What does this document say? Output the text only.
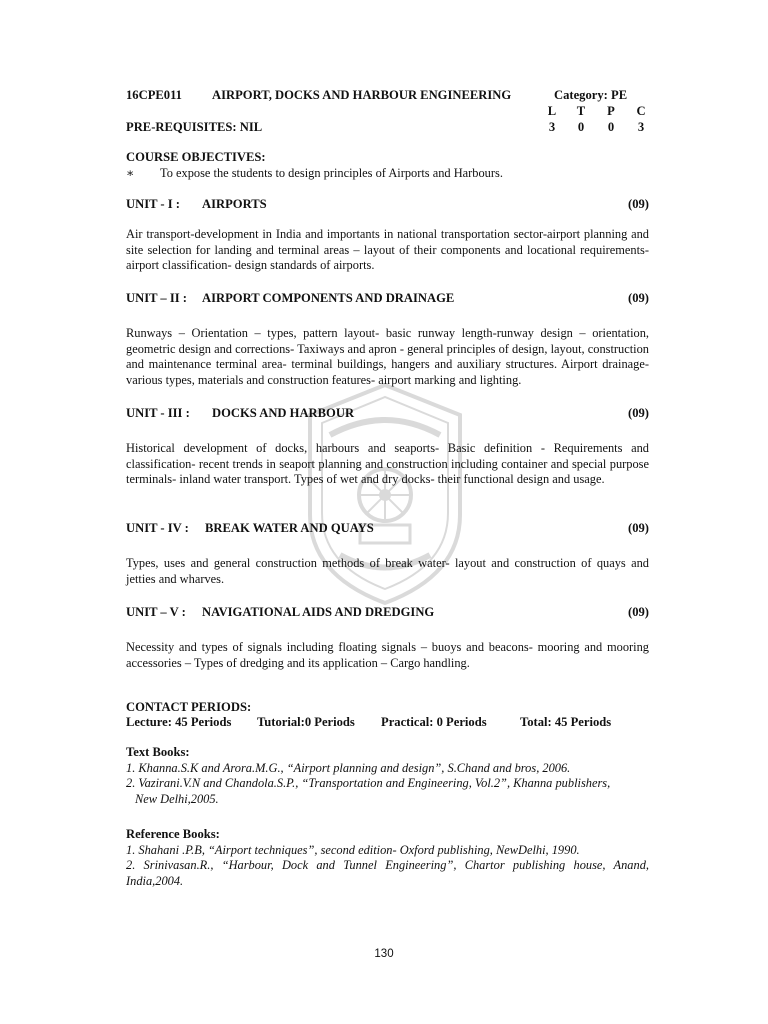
16CPE011 AIRPORT, DOCKS AND HARBOUR ENGINEERING	Category: PE
L T P C
3	0	0	3
PRE-REQUISITES: NIL
COURSE OBJECTIVES:
∗ To expose the students to design principles of Airports and Harbours.
UNIT - I : AIRPORTS	(09)
Air transport-development in India and importants in national transportation sector-airport planning and site selection for landing and terminal areas – layout of their components and locational requirements- airport classification- design standards of airports.
UNIT – II : AIRPORT COMPONENTS AND DRAINAGE	(09)
Runways – Orientation – types, pattern layout- basic runway length-runway design – orientation, geometric design and corrections- Taxiways and apron - general principles of design, layout, construction and maintenance terminal area- terminal buildings, hangers and auxiliary structures. Airport drainage- various types, materials and construction features- airport marking and lighting.
UNIT - III : DOCKS AND HARBOUR	(09)
Historical development of docks, harbours and seaports- Basic definition - Requirements and classification- recent trends in seaport planning and construction including container and special purpose terminals- inland water transport. Types of wet and dry docks- their functional design and usage.
UNIT - IV : BREAK WATER AND QUAYS	(09)
Types, uses and general construction methods of break water- layout and construction of quays and jetties and wharves.
UNIT – V : NAVIGATIONAL AIDS AND DREDGING	(09)
Necessity and types of signals including floating signals – buoys and beacons- mooring and mooring accessories – Types of dredging and its application – Cargo handling.
CONTACT PERIODS:
Lecture: 45 Periods Tutorial:0 Periods Practical: 0 Periods	Total: 45 Periods
Text Books:
1. Khanna.S.K and Arora.M.G., “Airport planning and design”, S.Chand and bros, 2006.
2. Vazirani.V.N and Chandola.S.P., “Transportation and Engineering, Vol.2”, Khanna publishers,
New Delhi,2005.
Reference Books:
1. Shahani .P.B, “Airport techniques”, second edition- Oxford publishing, NewDelhi, 1990.
2. Srinivasan.R., “Harbour, Dock and Tunnel Engineering”, Chartor publishing house, Anand, India,2004.
130
